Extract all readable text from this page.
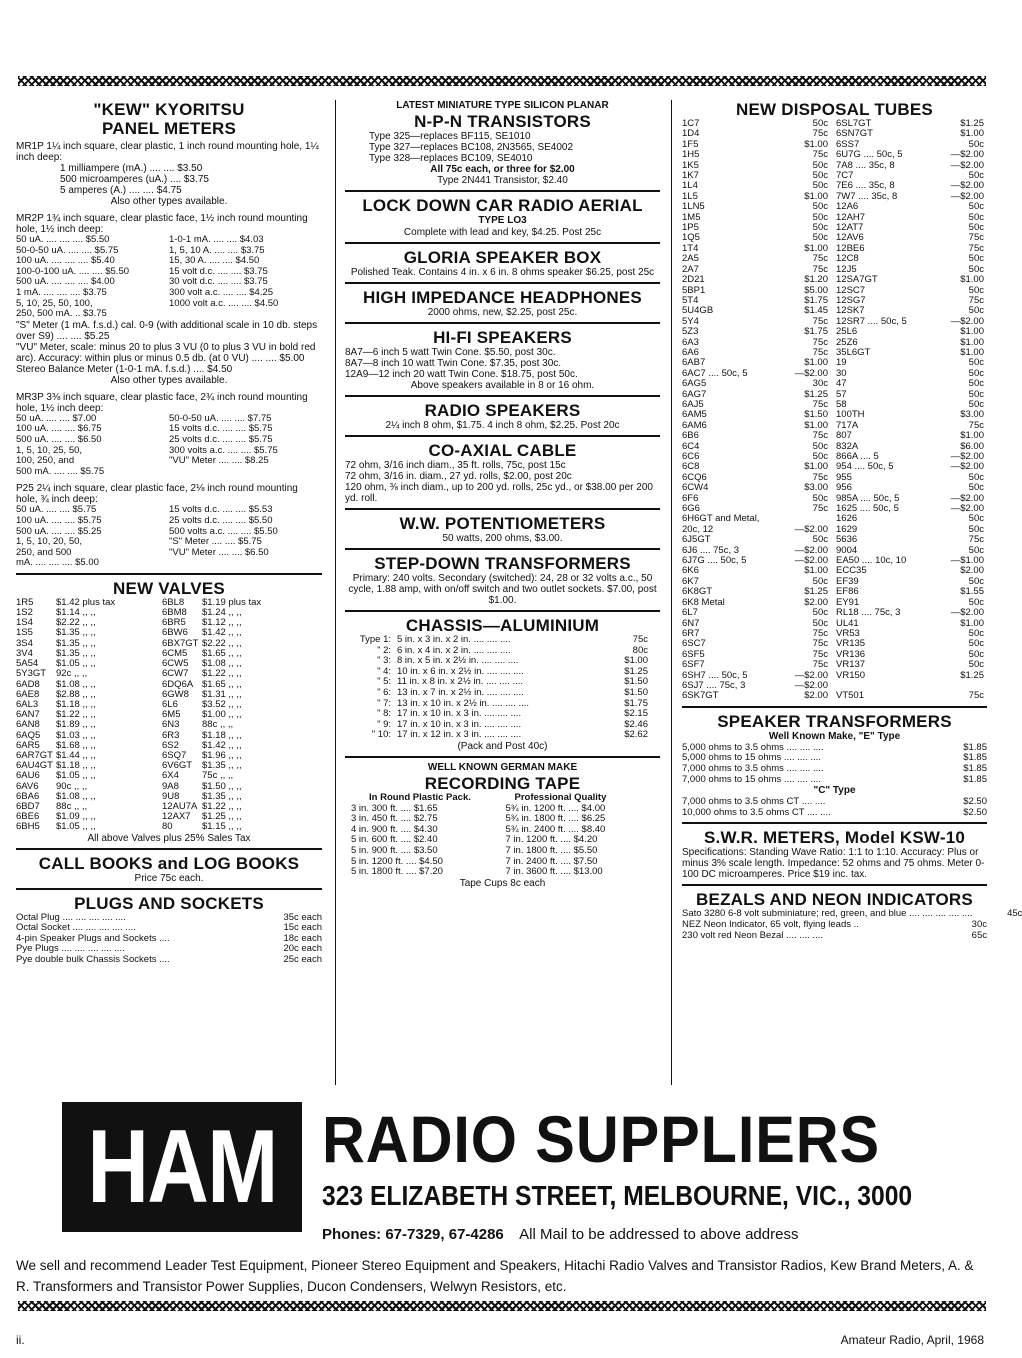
"KEW" KYORITSU
PANEL METERS

MR1P 1¼ inch square, clear plastic, 1 inch round mounting hole, 1¼ inch deep:

1 milliampere (mA.) .... .... $3.50
500 microamperes (uA.) .... $3.75
5 amperes (A.) .... .... $4.75

Also other types available.

MR2P 1¾ inch square, clear plastic face, 1½ inch round mounting hole, 1½ inch deep:

50 uA. .... .... .... $5.50	1-0-1 mA. .... .... $4.03
50-0-50 uA. .... .... $5.75	1, 5, 10 A. .... .... $3.75
100 uA. .... .... .... $5.40	15, 30 A. .... .... $4.50
100-0-100 uA. .... .... $5.50	15 volt d.c. .... .... $3.75
500 uA. .... .... .... $4.00	30 volt d.c. .... .... $3.75
1 mA. .... .... .... $3.75	300 volt a.c. .... .... $4.25
5, 10, 25, 50, 100,	1000 volt a.c. .... .... $4.50
250, 500 mA. .. $3.75

"S" Meter (1 mA. f.s.d.) cal. 0-9 (with additional scale in 10 db. steps over S9) .... .... $5.25

"VU" Meter, scale: minus 20 to plus 3 VU (0 to plus 3 VU in bold red arc). Accuracy: within plus or minus 0.5 db. (at 0 VU) .... .... $5.00

Stereo Balance Meter (1-0-1 mA. f.s.d.) .... $4.50

Also other types available.

MR3P 3⅜ inch square, clear plastic face, 2¾ inch round mounting hole, 1½ inch deep:

50 uA. .... .... $7.00	50-0-50 uA. .... .... $7.75
100 uA. .... .... $6.75	15 volts d.c. .... .... $5.75
500 uA. .... .... $6.50	25 volts d.c. .... .... $5.75
1, 5, 10, 25, 50,	300 volts a.c. .... .... $5.75
100, 250, and	"VU" Meter .... .... $8.25
500 mA. .... .... $5.75

P25 2¼ inch square, clear plastic face, 2⅛ inch round mounting hole, ¾ inch deep:

50 uA. .... .... $5.75	15 volts d.c. .... .... $5.53
100 uA. .... .... $5.75	25 volts d.c. .... .... $5.50
500 uA. .... .... $5.25	500 volts a.c. .... .... $5.50
1, 5, 10, 20, 50,	"S" Meter .... .... $5.75
250, and 500	"VU" Meter .... .... $6.50
mA. .... .... .... $5.00
NEW VALVES
1R5	$1.42 plus tax	6BL8	$1.19 plus tax
1S2	$1.14 ,, ,,	6BM8	$1.24 ,, ,,
1S4	$2.22 ,, ,,	6BR5	$1.12 ,, ,,
1S5	$1.35 ,, ,,	6BW6	$1.42 ,, ,,
3S4	$1.35 ,, ,,	6BX7GT $2.22 ,, ,,
3V4	$1.35 ,, ,,	6CM5	$1.65 ,, ,,
5A54	$1.05 ,, ,,	6CW5	$1.08 ,, ,,
5Y3GT	92c ,, ,,	6CW7	$1.22 ,, ,,
6AD8	$1.08 ,, ,,	6DQ6A $1.65 ,, ,,
6AE8	$2.88 ,, ,,	6GW8	$1.31 ,, ,,
6AL3	$1.18 ,, ,,	6L6	$3.52 ,, ,,
6AN7	$1.22 ,, ,,	6M5	$1.00 ,, ,,
6AN8	$1.89 ,, ,,	6N3	88c ,, ,,
6AQ5	$1.03 ,, ,,	6R3	$1.18 ,, ,,
6AR5	$1.68 ,, ,,	6S2	$1.42 ,, ,,
6AR7GT $1.44 ,, ,,	6SQ7	$1.96 ,, ,,
6AU4GT $1.18 ,, ,,	6V6GT	$1.35 ,, ,,
6AU6	$1.05 ,, ,,	6X4	75c ,, ,,
6AV6	90c ,, ,,	9A8	$1.50 ,, ,,
6BA6	$1.08 ,, ,,	9U8	$1.35 ,, ,,
6BD7	88c ,, ,,	12AU7A $1.22 ,, ,,
6BE6	$1.09 ,, ,,	12AX7	$1.25 ,, ,,
6BH5	$1.05 ,, ,,	80	$1.15 ,, ,,

All above Valves plus 25% Sales Tax

CALL BOOKS and LOG BOOKS

Price 75c each.

PLUGS AND SOCKETS
Octal Plug .... .... .... .... ....	35c each
Octal Socket .... .... .... .... ....	15c each
4-pin Speaker Plugs and Sockets ....	18c each
Pye Plugs .... .... .... .... ....	20c each
Pye double bulk Chassis Sockets ....	25c each
LATEST MINIATURE TYPE SILICON PLANAR
N-P-N TRANSISTORS
Type 325—replaces BF115, SE1010
Type 327—replaces BC108, 2N3565, SE4002
Type 328—replaces BC109, SE4010

All 75c each, or three for $2.00

Type 2N441 Transistor, $2.40

LOCK DOWN CAR RADIO AERIAL
TYPE LO3

Complete with lead and key, $4.25. Post 25c

GLORIA SPEAKER BOX

Polished Teak. Contains 4 in. x 6 in. 8 ohms speaker $6.25, post 25c

HIGH IMPEDANCE HEADPHONES

2000 ohms, new, $2.25, post 25c.

HI-FI SPEAKERS
8A7—6 inch 5 watt Twin Cone. $5.50, post 30c.
8A7—8 inch 10 watt Twin Cone. $7.35, post 30c.
12A9—12 inch 20 watt Twin Cone. $18.75, post 50c.

Above speakers available in 8 or 16 ohm.

RADIO SPEAKERS

2¼ inch 8 ohm, $1.75. 4 inch 8 ohm, $2.25. Post 20c

CO-AXIAL CABLE
72 ohm, 3/16 inch diam., 35 ft. rolls, 75c, post 15c
72 ohm, 3/16 in. diam., 27 yd. rolls, $2.00, post 20c
120 ohm, ⅜ inch diam., up to 200 yd. rolls, 25c yd., or $38.00 per 200 yd. roll.
W.W. POTENTIOMETERS

50 watts, 200 ohms, $3.00.

STEP-DOWN TRANSFORMERS

Primary: 240 volts. Secondary (switched): 24, 28 or 32 volts a.c., 50 cycle, 1.88 amp, with on/off switch and two outlet sockets. $7.00, post $1.00.

CHASSIS—ALUMINIUM
Type 1: 5 in. x 3 in. x 2 in. .... .... ....	75c
" 2: 6 in. x 4 in. x 2 in. .... .... ....	80c
" 3: 8 in. x 5 in. x 2½ in. .... .... ....	$1.00
" 4: 10 in. x 6 in. x 2½ in. .... .... ....	$1.25
" 5: 11 in. x 8 in. x 2½ in. .... .... ....	$1.50
" 6: 13 in. x 7 in. x 2½ in. .... .... ....	$1.50
" 7: 13 in. x 10 in. x 2½ in. .... .... ....	$1.75
" 8: 17 in. x 10 in. x 3 in. .... .... ....	$2.15
" 9: 17 in. x 10 in. x 3 in. .... .... ....	$2.46
" 10: 17 in. x 12 in. x 3 in. .... .... ....	$2.62

(Pack and Post 40c)

WELL KNOWN GERMAN MAKE
RECORDING TAPE
In Round Plastic Pack.	Professional Quality
3 in. 300 ft. .... $1.65	5¾ in. 1200 ft. .... $4.00
3 in. 450 ft. .... $2.75	5¾ in. 1800 ft. .... $6.25
4 in. 900 ft. .... $4.30	5¾ in. 2400 ft. .... $8.40
5 in. 600 ft. .... $2.40	7 in. 1200 ft. .... $4.20
5 in. 900 ft. .... $3.50	7 in. 1800 ft. .... $5.50
5 in. 1200 ft. .... $4.50	7 in. 2400 ft. .... $7.50
5 in. 1800 ft. .... $7.20	7 in. 3600 ft. .... $13.00

Tape Cups 8c each

NEW DISPOSAL TUBES
1C7	50c 6SL7GT	$1.25
1D4	75c 6SN7GT	$1.00
1F5	$1.00 6SS7	50c
1H5	75c 6U7G .... 50c, 5	—$2.00
1K5	50c 7A8 .... 35c, 8	—$2.00
1K7	50c 7C7	50c
1L4	50c 7E6 .... 35c, 8	—$2.00
1L5	$1.00 7W7 .... 35c, 8	—$2.00
1LN5	50c 12A6	50c
1M5	50c 12AH7	50c
1P5	50c 12AT7	50c
1Q5	50c 12AV6	75c
1T4	$1.00 12BE6	75c
2A5	75c 12C8	50c
2A7	75c 12J5	50c
2D21	$1.20 12SA7GT	$1.00
5BP1	$5.00 12SC7	50c
5T4	$1.75 12SG7	75c
5U4GB	$1.45 12SK7	50c
5Y4	75c 12SR7 .... 50c, 5	—$2.00
5Z3	$1.75 25L6	$1.00
6A3	75c 25Z6	$1.00
6A6	75c 35L6GT	$1.00
6AB7	$1.00 19	50c
6AC7 .... 50c, 5	—$2.00 30	50c
6AG5	30c 47	50c
6AG7	$1.25 57	50c
6AJ5	75c 58	50c
6AM5	$1.50 100TH	$3.00
6AM6	$1.00 717A	75c
6B6	75c 807	$1.00
6C4	50c 832A	$6.00
6C6	50c 866A .... 5	—$2.00
6C8	$1.00 954 .... 50c, 5	—$2.00
6CQ6	75c 955	50c
6CW4	$3.00 956	50c
6F6	50c 985A .... 50c, 5	—$2.00
6G6	75c 1625 .... 50c, 5	—$2.00
6H6GT and Metal,	1626	50c
20c, 12	—$2.00 1629	50c
6J5GT	50c 5636	75c
6J6 .... 75c, 3	—$2.00 9004	50c
6J7G .... 50c, 5	—$2.00 EA50 .... 10c, 10	—$1.00
6K6	$1.00 ECC35	$2.00
6K7	50c EF39	50c
6K8GT	$1.25 EF86	$1.55
6K8 Metal	$2.00 EY91	50c
6L7	50c RL18 .... 75c, 3	—$2.00
6N7	50c UL41	$1.00
6R7	75c VR53	50c
6SC7	75c VR135	50c
6SF5	75c VR136	50c
6SF7	75c VR137	50c
6SH7 .... 50c, 5	—$2.00 VR150	$1.25
6SJ7 .... 75c, 3	—$2.00
6SK7GT	$2.00 VT501	75c
SPEAKER TRANSFORMERS
Well Known Make, "E" Type
5,000 ohms to 3.5 ohms .... .... ....	$1.85
5,000 ohms to 15 ohms .... .... ....	$1.85
7,000 ohms to 3.5 ohms .... .... ....	$1.85
7,000 ohms to 15 ohms .... .... ....	$1.85
"C" Type
7,000 ohms to 3.5 ohms CT .... ....	$2.50
10,000 ohms to 3.5 ohms CT .... ....	$2.50
S.W.R. METERS, Model KSW-10

Specifications: Standing Wave Ratio: 1:1 to 1:10. Accuracy: Plus or minus 3% scale length. Impedance: 52 ohms and 75 ohms. Meter 0-100 DC microamperes. Price $19 inc. tax.

BEZALS AND NEON INDICATORS
Sato 3280 6-8 volt subminiature; red, green, and blue .... .... .... .... ....	45c
NEZ Neon Indicator, 65 volt, flying leads ..	30c
230 volt red Neon Bezal .... .... ....	65c
HAM RADIO SUPPLIERS
323 ELIZABETH STREET, MELBOURNE, VIC., 3000
Phones: 67-7329, 67-4286 All Mail to be addressed to above address
We sell and recommend Leader Test Equipment, Pioneer Stereo Equipment and Speakers, Hitachi Radio Valves and Transistor Radios, Kew Brand Meters, A. & R. Transformers and Transistor Power Supplies, Ducon Condensers, Welwyn Resistors, etc.
ii.	Amateur Radio, April, 1968
